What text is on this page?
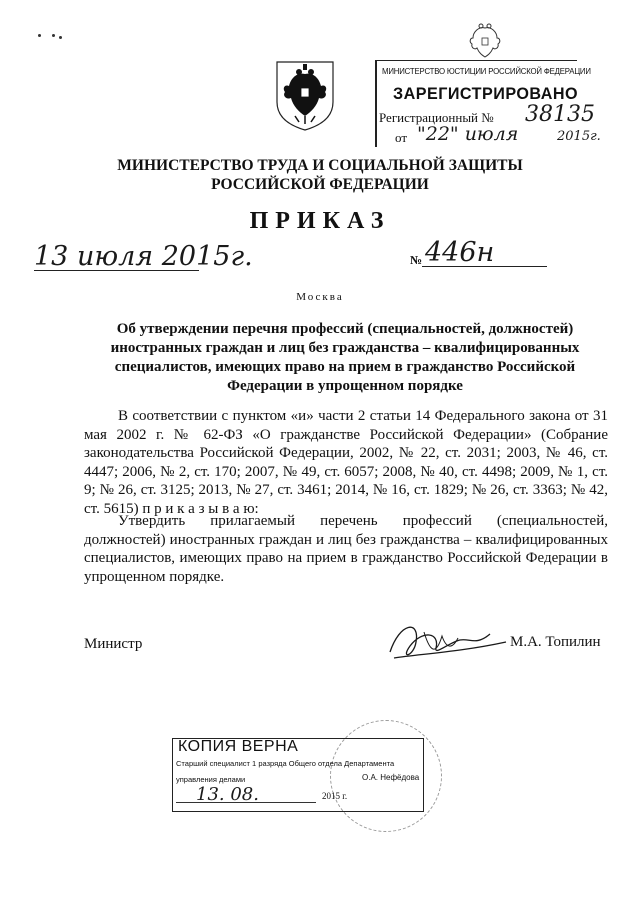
МИНИСТЕРСТВО ЮСТИЦИИ РОССИЙСКОЙ ФЕДЕРАЦИИ
ЗАРЕГИСТРИРОВАНО
Регистрационный № 38135
от "22" июля	2015г.
МИНИСТЕРСТВО ТРУДА И СОЦИАЛЬНОЙ ЗАЩИТЫ
РОССИЙСКОЙ ФЕДЕРАЦИИ
ПРИКАЗ
13 июля 2015г.	№ 446н
Москва
Об утверждении перечня профессий (специальностей, должностей) иностранных граждан и лиц без гражданства – квалифицированных специалистов, имеющих право на прием в гражданство Российской Федерации в упрощенном порядке
В соответствии с пунктом «и» части 2 статьи 14 Федерального закона от 31 мая 2002 г. № 62-ФЗ «О гражданстве Российской Федерации» (Собрание законодательства Российской Федерации, 2002, № 22, ст. 2031; 2003, № 46, ст. 4447; 2006, № 2, ст. 170; 2007, № 49, ст. 6057; 2008, № 40, ст. 4498; 2009, № 1, ст. 9; № 26, ст. 3125; 2013, № 27, ст. 3461; 2014, № 16, ст. 1829; № 26, ст. 3363; № 42, ст. 5615) п р и к а з ы в а ю:
Утвердить прилагаемый перечень профессий (специальностей, должностей) иностранных граждан и лиц без гражданства – квалифицированных специалистов, имеющих право на прием в гражданство Российской Федерации в упрощенном порядке.
Министр	М.А. Топилин
КОПИЯ ВЕРНА
Старший специалист 1 разряда Общего отдела Департамента
управления делами	О.А. Нефёдова
13. 08.	2015 г.
